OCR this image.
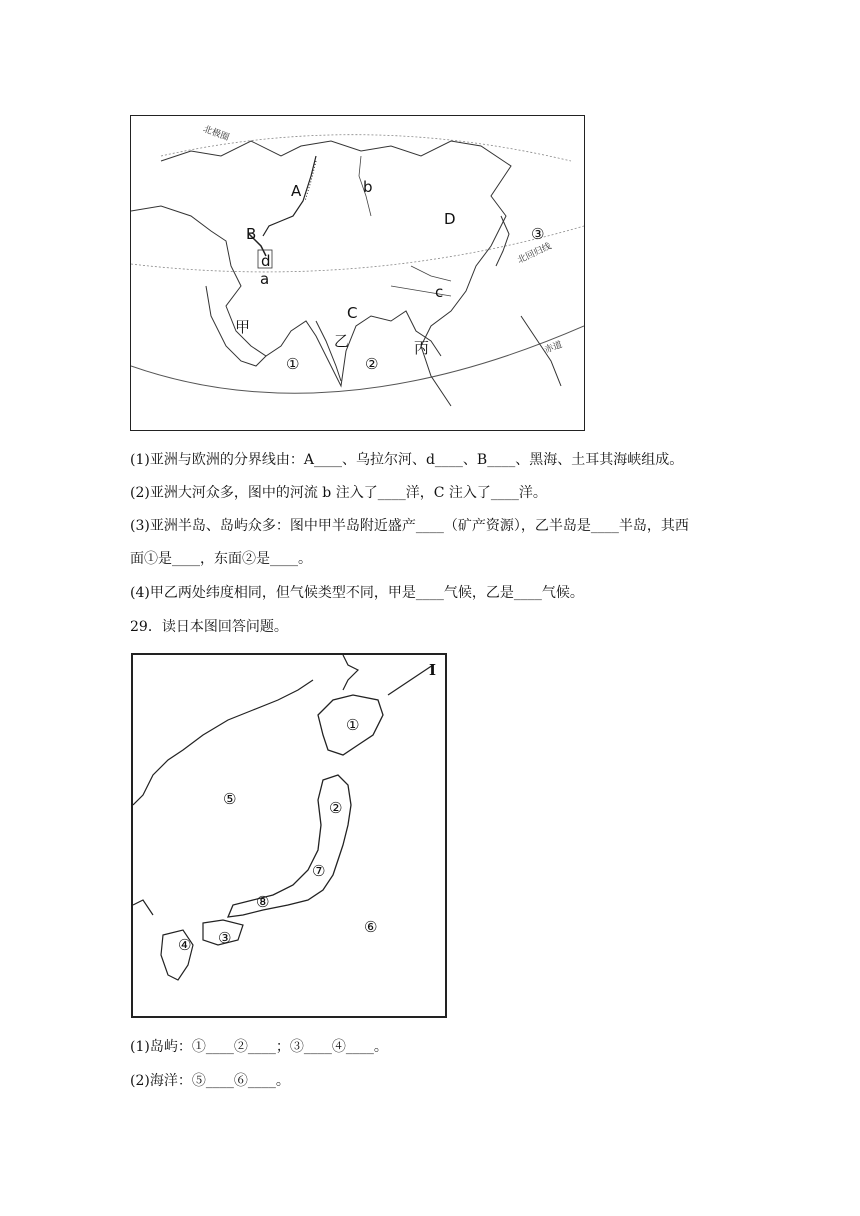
A	b
B
d
a
D
③
c
C
甲
乙	丙
①	②
北极圈
北回归线
赤道
(1)亚洲与欧洲的分界线由：A____、乌拉尔河、d____、B____、黑海、土耳其海峡组成。
(2)亚洲大河众多，图中的河流 b 注入了____洋，C 注入了____洋。
(3)亚洲半岛、岛屿众多：图中甲半岛附近盛产____（矿产资源），乙半岛是____半岛，其西
面①是____，东面②是____。
(4)甲乙两处纬度相同，但气候类型不同，甲是____气候，乙是____气候。
29．读日本图回答问题。
①
②
⑤
⑦
⑧
⑥
③
④
I
(1)岛屿：①____②____；③____④____。
(2)海洋：⑤____⑥____。
